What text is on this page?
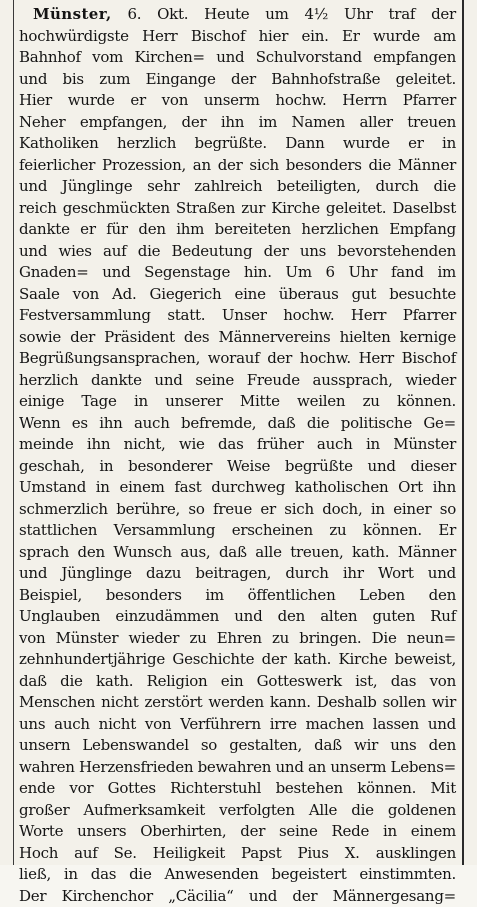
Münster, 6. Okt. Heute um 4½ Uhr traf der
hochwürdigste Herr Bischof hier ein. Er wurde am
Bahnhof vom Kirchen= und Schulvorstand empfangen
und bis zum Eingange der Bahnhofstraße geleitet.
Hier wurde er von unserm hochw. Herrn Pfarrer
Neher empfangen, der ihn im Namen aller treuen
Katholiken herzlich begrüßte. Dann wurde er in
feierlicher Prozession, an der sich besonders die Männer
und Jünglinge sehr zahlreich beteiligten, durch die
reich geschmückten Straßen zur Kirche geleitet. Daselbst
dankte er für den ihm bereiteten herzlichen Empfang
und wies auf die Bedeutung der uns bevorstehenden
Gnaden= und Segenstage hin. Um 6 Uhr fand im
Saale von Ad. Giegerich eine überaus gut besuchte
Festversammlung statt. Unser hochw. Herr Pfarrer
sowie der Präsident des Männervereins hielten kernige
Begrüßungsansprachen, worauf der hochw. Herr Bischof
herzlich dankte und seine Freude aussprach, wieder
einige Tage in unserer Mitte weilen zu können.
Wenn es ihn auch befremde, daß die politische Ge=
meinde ihn nicht, wie das früher auch in Münster
geschah, in besonderer Weise begrüßte und dieser
Umstand in einem fast durchweg katholischen Ort ihn
schmerzlich berühre, so freue er sich doch, in einer so
stattlichen Versammlung erscheinen zu können. Er
sprach den Wunsch aus, daß alle treuen, kath. Männer
und Jünglinge dazu beitragen, durch ihr Wort und
Beispiel, besonders im öffentlichen Leben den
Unglauben einzudämmen und den alten guten Ruf
von Münster wieder zu Ehren zu bringen. Die neun=
zehnhundertjährige Geschichte der kath. Kirche beweist,
daß die kath. Religion ein Gotteswerk ist, das von
Menschen nicht zerstört werden kann. Deshalb sollen wir
uns auch nicht von Verführern irre machen lassen und
unsern Lebenswandel so gestalten, daß wir uns den
wahren Herzensfrieden bewahren und an unserm Lebens=
ende vor Gottes Richterstuhl bestehen können. Mit
großer Aufmerksamkeit verfolgten Alle die goldenen
Worte unsers Oberhirten, der seine Rede in einem
Hoch auf Se. Heiligkeit Papst Pius X. ausklingen
ließ, in das die Anwesenden begeistert einstimmten.
Der Kirchenchor „Cäcilia“ und der Männergesang=
